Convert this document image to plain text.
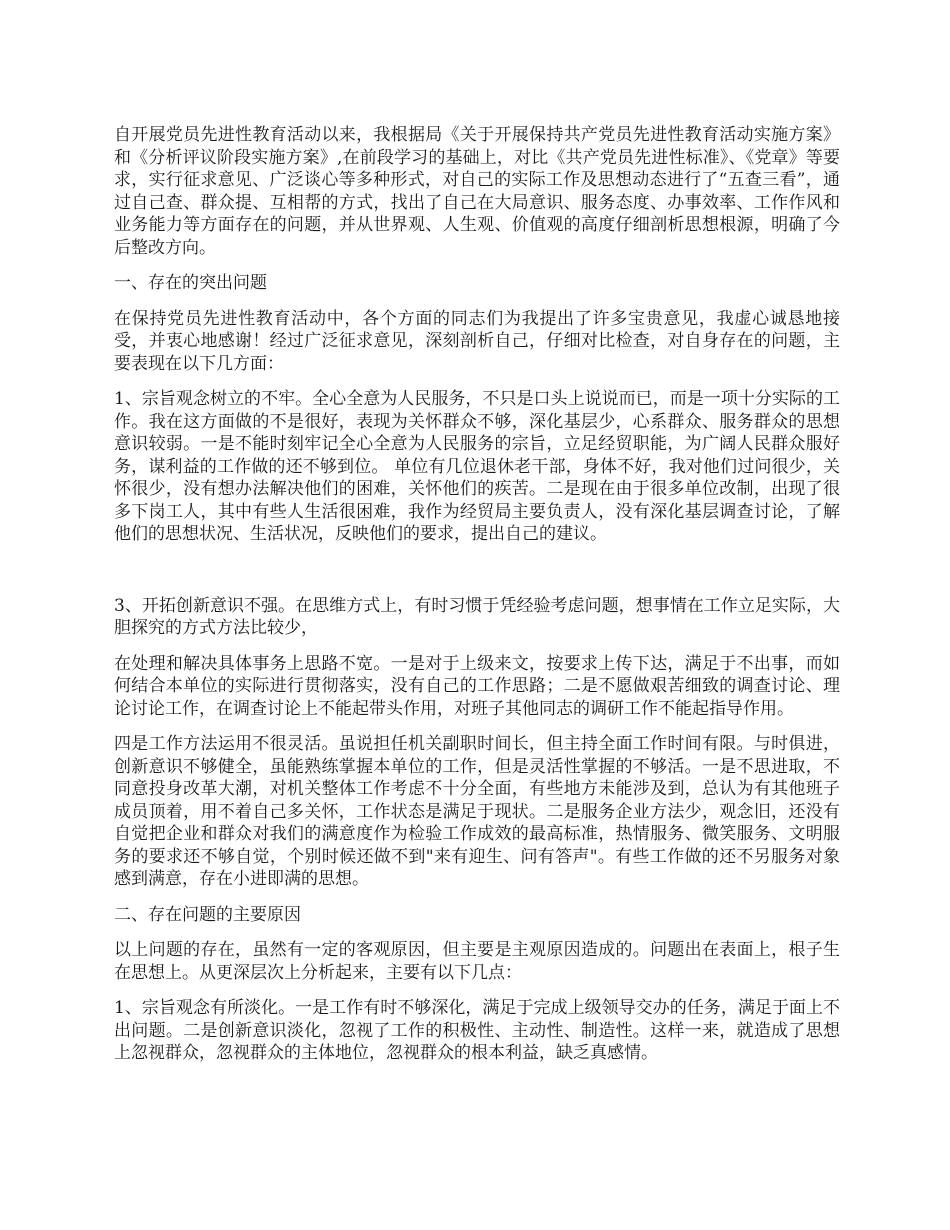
自开展党员先进性教育活动以来，我根据局《关于开展保持共产党员先进性教育活动实施方案》和《分析评议阶段实施方案》,在前段学习的基础上，对比《共产党员先进性标准》、《党章》等要求，实行征求意见、广泛谈心等多种形式，对自己的实际工作及思想动态进行了“五查三看”，通过自己查、群众提、互相帮的方式，找出了自己在大局意识、服务态度、办事效率、工作作风和业务能力等方面存在的问题，并从世界观、人生观、价值观的高度仔细剖析思想根源，明确了今后整改方向。

一、存在的突出问题

在保持党员先进性教育活动中，各个方面的同志们为我提出了许多宝贵意见，我虚心诚恳地接受，并衷心地感谢！经过广泛征求意见，深刻剖析自己，仔细对比检查，对自身存在的问题，主要表现在以下几方面：

1、宗旨观念树立的不牢。全心全意为人民服务，不只是口头上说说而已，而是一项十分实际的工作。我在这方面做的不是很好，表现为关怀群众不够，深化基层少，心系群众、服务群众的思想意识较弱。一是不能时刻牢记全心全意为人民服务的宗旨，立足经贸职能，为广阔人民群众服好务，谋利益的工作做的还不够到位。 单位有几位退休老干部，身体不好，我对他们过问很少，关怀很少，没有想办法解决他们的困难，关怀他们的疾苦。二是现在由于很多单位改制，出现了很多下岗工人，其中有些人生活很困难，我作为经贸局主要负责人，没有深化基层调查讨论，了解他们的思想状况、生活状况，反映他们的要求，提出自己的建议。

3、开拓创新意识不强。在思维方式上，有时习惯于凭经验考虑问题，想事情在工作立足实际，大胆探究的方式方法比较少，

在处理和解决具体事务上思路不宽。一是对于上级来文，按要求上传下达，满足于不出事，而如何结合本单位的实际进行贯彻落实，没有自己的工作思路；二是不愿做艰苦细致的调查讨论、理论讨论工作，在调查讨论上不能起带头作用，对班子其他同志的调研工作不能起指导作用。

四是工作方法运用不很灵活。虽说担任机关副职时间长，但主持全面工作时间有限。与时俱进，创新意识不够健全，虽能熟练掌握本单位的工作，但是灵活性掌握的不够活。一是不思进取，不同意投身改革大潮，对机关整体工作考虑不十分全面，有些地方未能涉及到，总认为有其他班子成员顶着，用不着自己多关怀，工作状态是满足于现状。二是服务企业方法少，观念旧，还没有自觉把企业和群众对我们的满意度作为检验工作成效的最高标准，热情服务、微笑服务、文明服务的要求还不够自觉，个别时候还做不到"来有迎生、问有答声"。有些工作做的还不另服务对象感到满意，存在小进即满的思想。

二、存在问题的主要原因

以上问题的存在，虽然有一定的客观原因，但主要是主观原因造成的。问题出在表面上，根子生在思想上。从更深层次上分析起来，主要有以下几点：

1、宗旨观念有所淡化。一是工作有时不够深化，满足于完成上级领导交办的任务，满足于面上不出问题。二是创新意识淡化，忽视了工作的积极性、主动性、制造性。这样一来，就造成了思想上忽视群众，忽视群众的主体地位，忽视群众的根本利益，缺乏真感情。
